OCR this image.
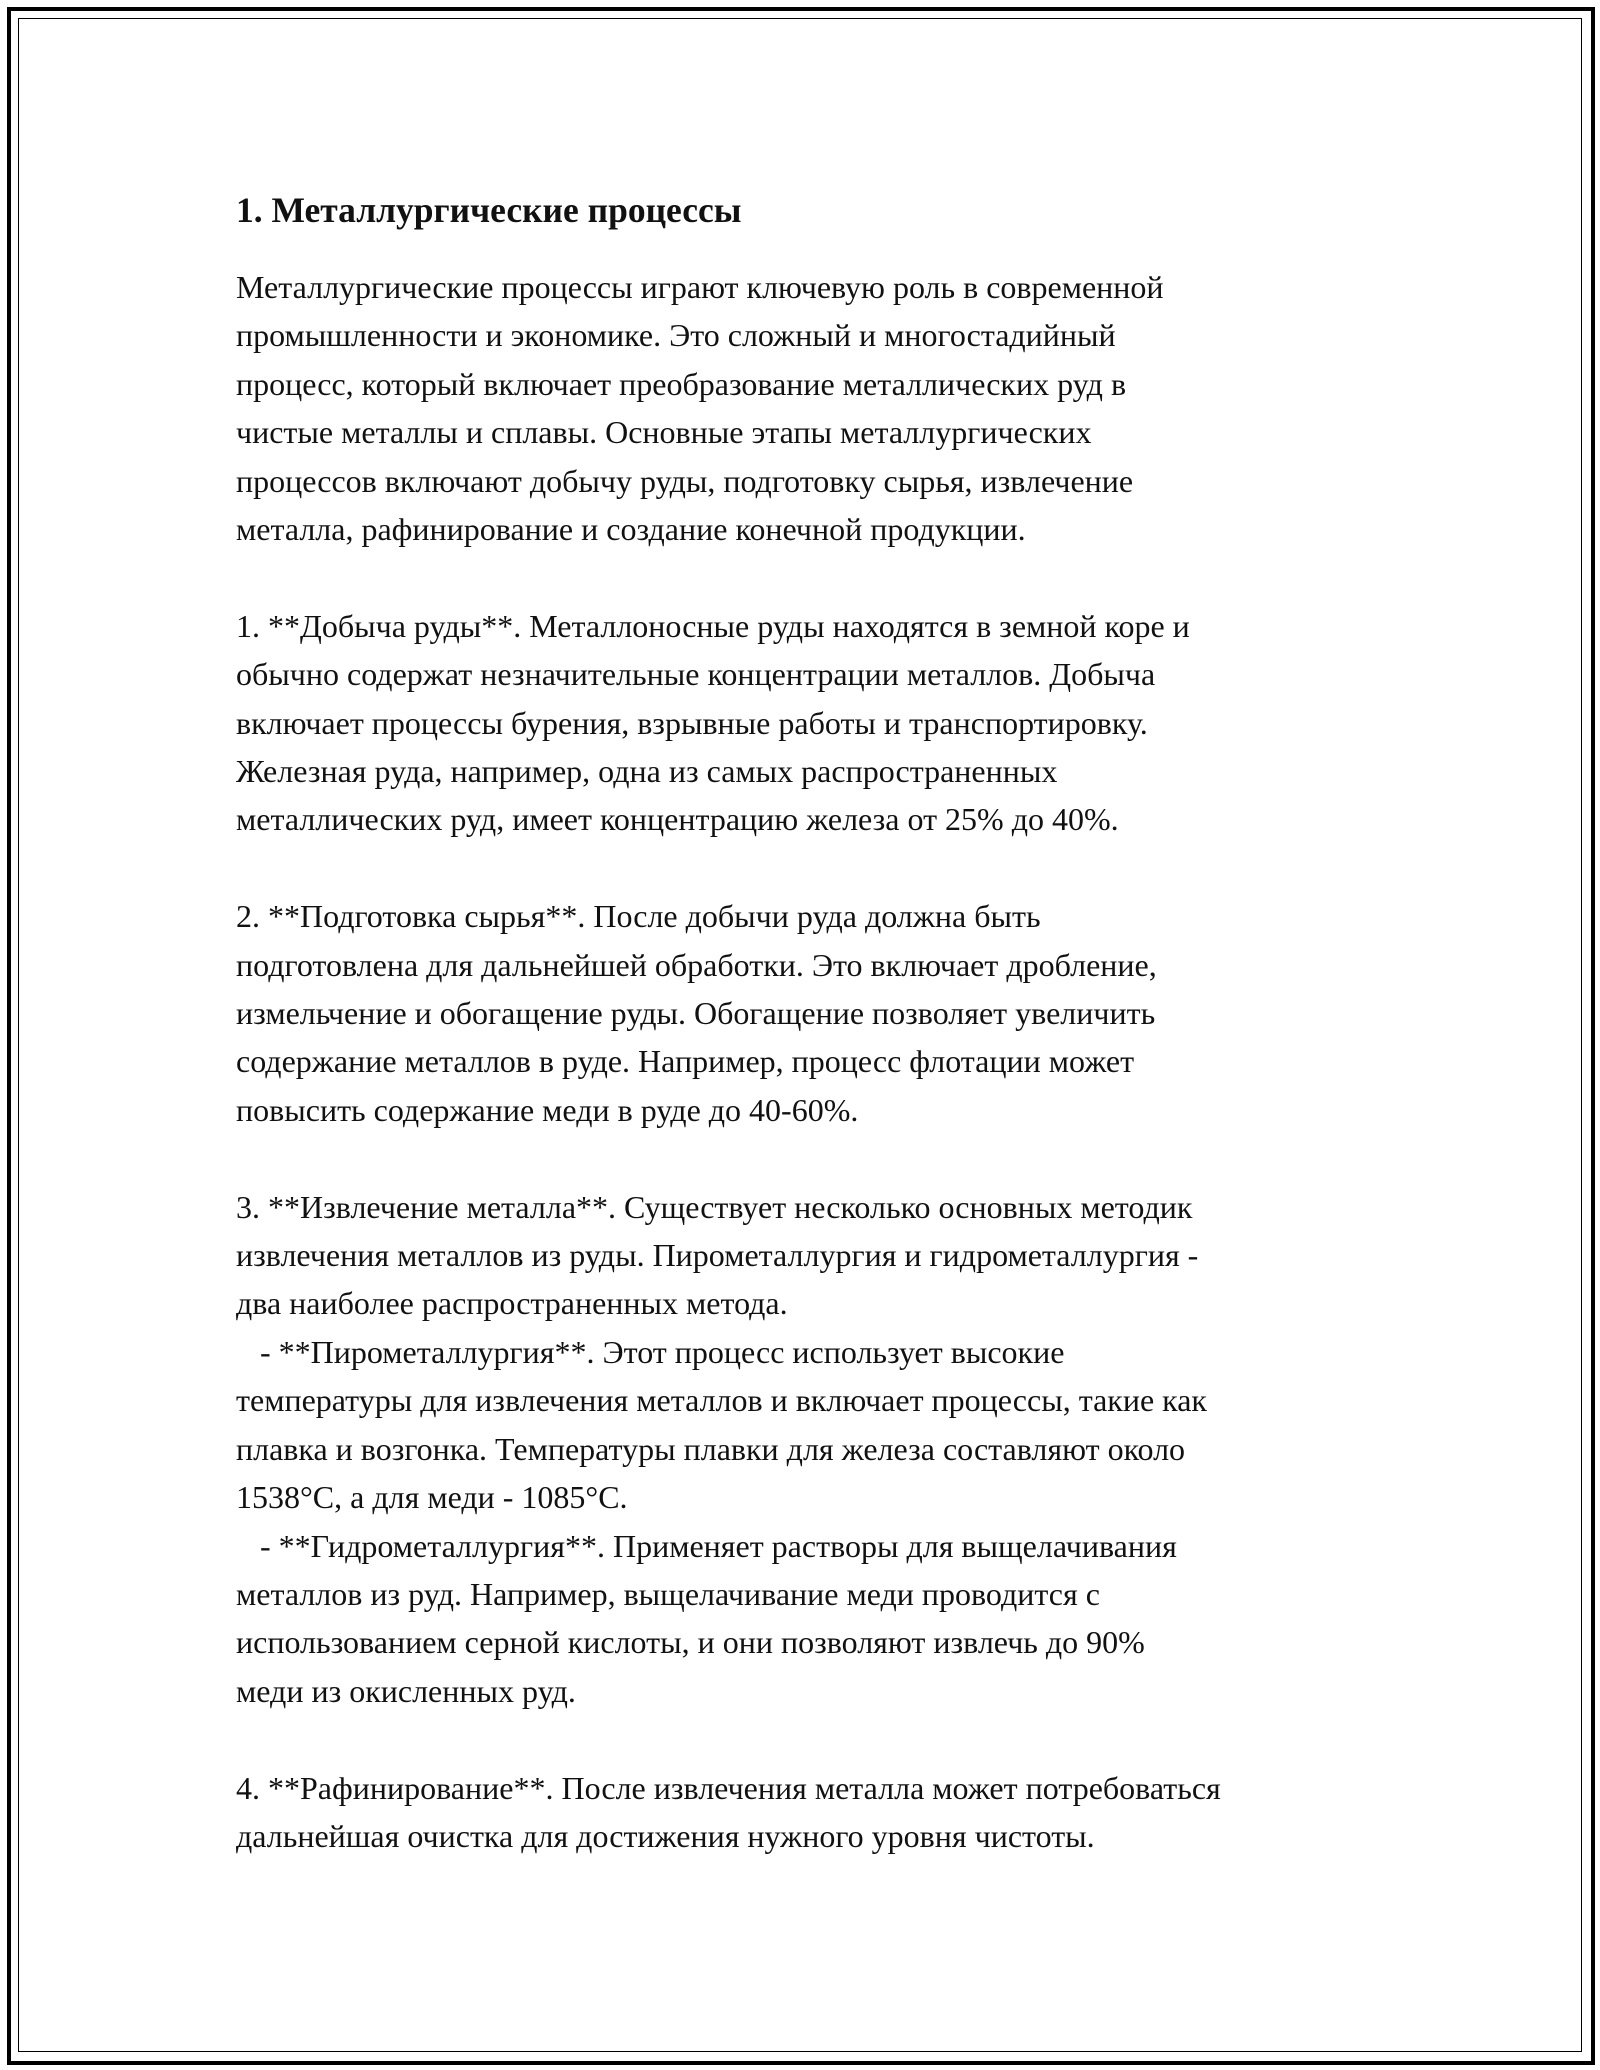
1. Металлургические процессы

Металлургические процессы играют ключевую роль в современной
промышленности и экономике. Это сложный и многостадийный
процесс, который включает преобразование металлических руд в
чистые металлы и сплавы. Основные этапы металлургических
процессов включают добычу руды, подготовку сырья, извлечение
металла, рафинирование и создание конечной продукции.

1. **Добыча руды**. Металлоносные руды находятся в земной коре и
обычно содержат незначительные концентрации металлов. Добыча
включает процессы бурения, взрывные работы и транспортировку.
Железная руда, например, одна из самых распространенных
металлических руд, имеет концентрацию железа от 25% до 40%.

2. **Подготовка сырья**. После добычи руда должна быть
подготовлена для дальнейшей обработки. Это включает дробление,
измельчение и обогащение руды. Обогащение позволяет увеличить
содержание металлов в руде. Например, процесс флотации может
повысить содержание меди в руде до 40-60%.

3. **Извлечение металла**. Существует несколько основных методик
извлечения металлов из руды. Пирометаллургия и гидрометаллургия -
два наиболее распространенных метода.
- **Пирометаллургия**. Этот процесс использует высокие
температуры для извлечения металлов и включает процессы, такие как
плавка и возгонка. Температуры плавки для железа составляют около
1538°C, а для меди - 1085°C.
- **Гидрометаллургия**. Применяет растворы для выщелачивания
металлов из руд. Например, выщелачивание меди проводится с
использованием серной кислоты, и они позволяют извлечь до 90%
меди из окисленных руд.

4. **Рафинирование**. После извлечения металла может потребоваться
дальнейшая очистка для достижения нужного уровня чистоты.
